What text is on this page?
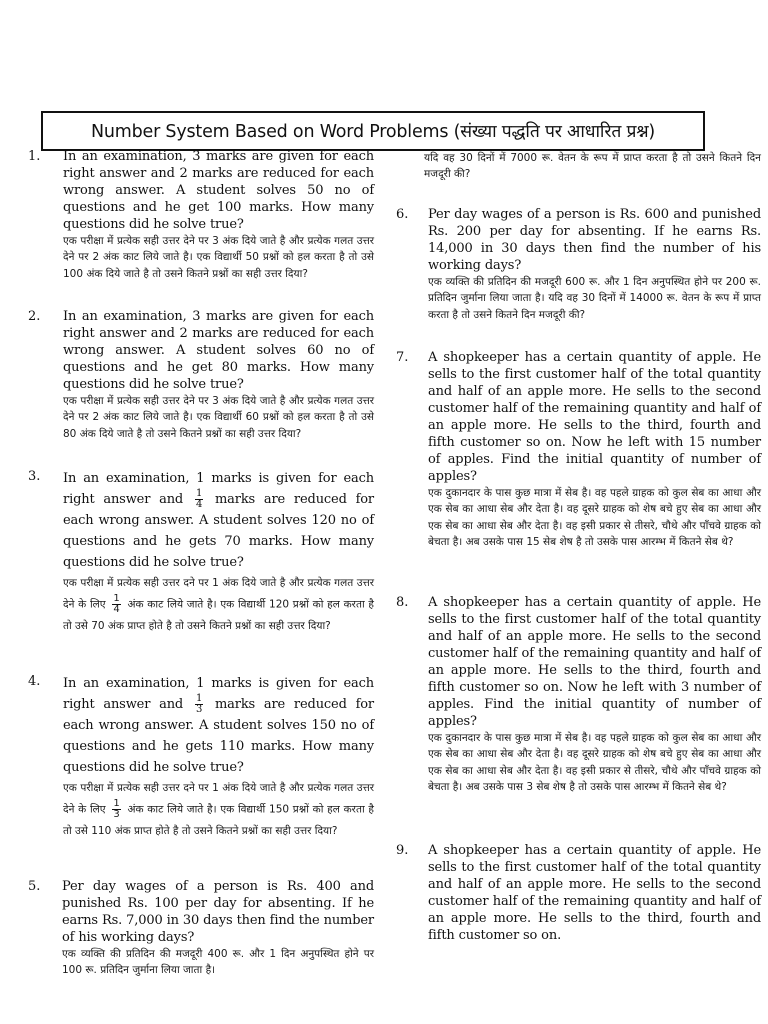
Number System Based on Word Problems (संख्या पद्धति पर आधारित प्रश्न)
1. In an examination, 3 marks are given for each right answer and 2 marks are reduced for each wrong answer. A student solves 50 no of questions and he get 100 marks. How many questions did he solve true?
एक परीक्षा में प्रत्येक सही उत्तर देने पर 3 अंक दिये जाते है और प्रत्येक गलत उत्तर देने पर 2 अंक काट लिये जाते है। एक विद्यार्थी 50 प्रश्नों को हल करता है तो उसे 100 अंक दिये जाते है तो उसने कितने प्रश्नों का सही उत्तर दिया?
2. In an examination, 3 marks are given for each right answer and 2 marks are reduced for each wrong answer. A student solves 60 no of questions and he get 80 marks. How many questions did he solve true?
एक परीक्षा में प्रत्येक सही उत्तर देने पर 3 अंक दिये जाते है और प्रत्येक गलत उत्तर देने पर 2 अंक काट लिये जाते है। एक विद्यार्थी 60 प्रश्नों को हल करता है तो उसे 80 अंक दिये जाते है तो उसने कितने प्रश्नों का सही उत्तर दिया?
3. In an examination, 1 marks is given for each right answer and $\frac{1}{4}$ marks are reduced for each wrong answer. A student solves 120 no of questions and he gets 70 marks. How many questions did he solve true?
एक परीक्षा में प्रत्येक सही उत्तर दने पर 1 अंक दिये जाते है और प्रत्येक गलत उत्तर देने के लिए $\frac{1}{4}$ अंक काट लिये जाते है। एक विद्यार्थी 120 प्रश्नों को हल करता है तो उसे 70 अंक प्राप्त होते है तो उसने कितने प्रश्नों का सही उत्तर दिया?
4. In an examination, 1 marks is given for each right answer and $\frac{1}{3}$ marks are reduced for each wrong answer. A student solves 150 no of questions and he gets 110 marks. How many questions did he solve true?
एक परीक्षा में प्रत्येक सही उत्तर दने पर 1 अंक दिये जाते है और प्रत्येक गलत उत्तर देने के लिए $\frac{1}{3}$ अंक काट लिये जाते है। एक विद्यार्थी 150 प्रश्नों को हल करता है तो उसे 110 अंक प्राप्त होते है तो उसने कितने प्रश्नों का सही उत्तर दिया?
5. Per day wages of a person is Rs. 400 and punished Rs. 100 per day for absenting. If he earns Rs. 7,000 in 30 days then find the number of his working days?
एक व्यक्ति की प्रतिदिन की मजदूरी 400 रू. और 1 दिन अनुपस्थित होने पर 100 रू. प्रतिदिन जुर्माना लिया जाता है।
यदि वह 30 दिनों में 7000 रू. वेतन के रूप में प्राप्त करता है तो उसने कितने दिन मजदूरी की?
6. Per day wages of a person is Rs. 600 and punished Rs. 200 per day for absenting. If he earns Rs. 14,000 in 30 days then find the number of his working days?
एक व्यक्ति की प्रतिदिन की मजदूरी 600 रू. और 1 दिन अनुपस्थित होने पर 200 रू. प्रतिदिन जुर्माना लिया जाता है। यदि वह 30 दिनों में 14000 रू. वेतन के रूप में प्राप्त करता है तो उसने कितने दिन मजदूरी की?
7. A shopkeeper has a certain quantity of apple. He sells to the first customer half of the total quantity and half of an apple more. He sells to the second customer half of the remaining quantity and half of an apple more. He sells to the third, fourth and fifth customer so on. Now he left with 15 number of apples. Find the initial quantity of number of apples?
एक दुकानदार के पास कुछ मात्रा में सेब है। वह पहले ग्राहक को कुल सेब का आधा और एक सेब का आधा सेब और देता है। वह दूसरे ग्राहक को शेष बचे हुए सेब का आधा और एक सेब का आधा सेब और देता है। वह इसी प्रकार से तीसरे, चौथे और पाँचवे ग्राहक को बेचता है। अब उसके पास 15 सेब शेष है तो उसके पास आरम्भ में कितने सेब थे?
8. A shopkeeper has a certain quantity of apple. He sells to the first customer half of the total quantity and half of an apple more. He sells to the second customer half of the remaining quantity and half of an apple more. He sells to the third, fourth and fifth customer so on. Now he left with 3 number of apples. Find the initial quantity of number of apples?
एक दुकानदार के पास कुछ मात्रा में सेब है। वह पहले ग्राहक को कुल सेब का आधा और एक सेब का आधा सेब और देता है। वह दूसरे ग्राहक को शेष बचे हुए सेब का आधा और एक सेब का आधा सेब और देता है। वह इसी प्रकार से तीसरे, चौथे और पाँचवे ग्राहक को बेचता है। अब उसके पास 3 सेब शेष है तो उसके पास आरम्भ में कितने सेब थे?
9. A shopkeeper has a certain quantity of apple. He sells to the first customer half of the total quantity and half of an apple more. He sells to the second customer half of the remaining quantity and half of an apple more. He sells to the third, fourth and fifth customer so on.
